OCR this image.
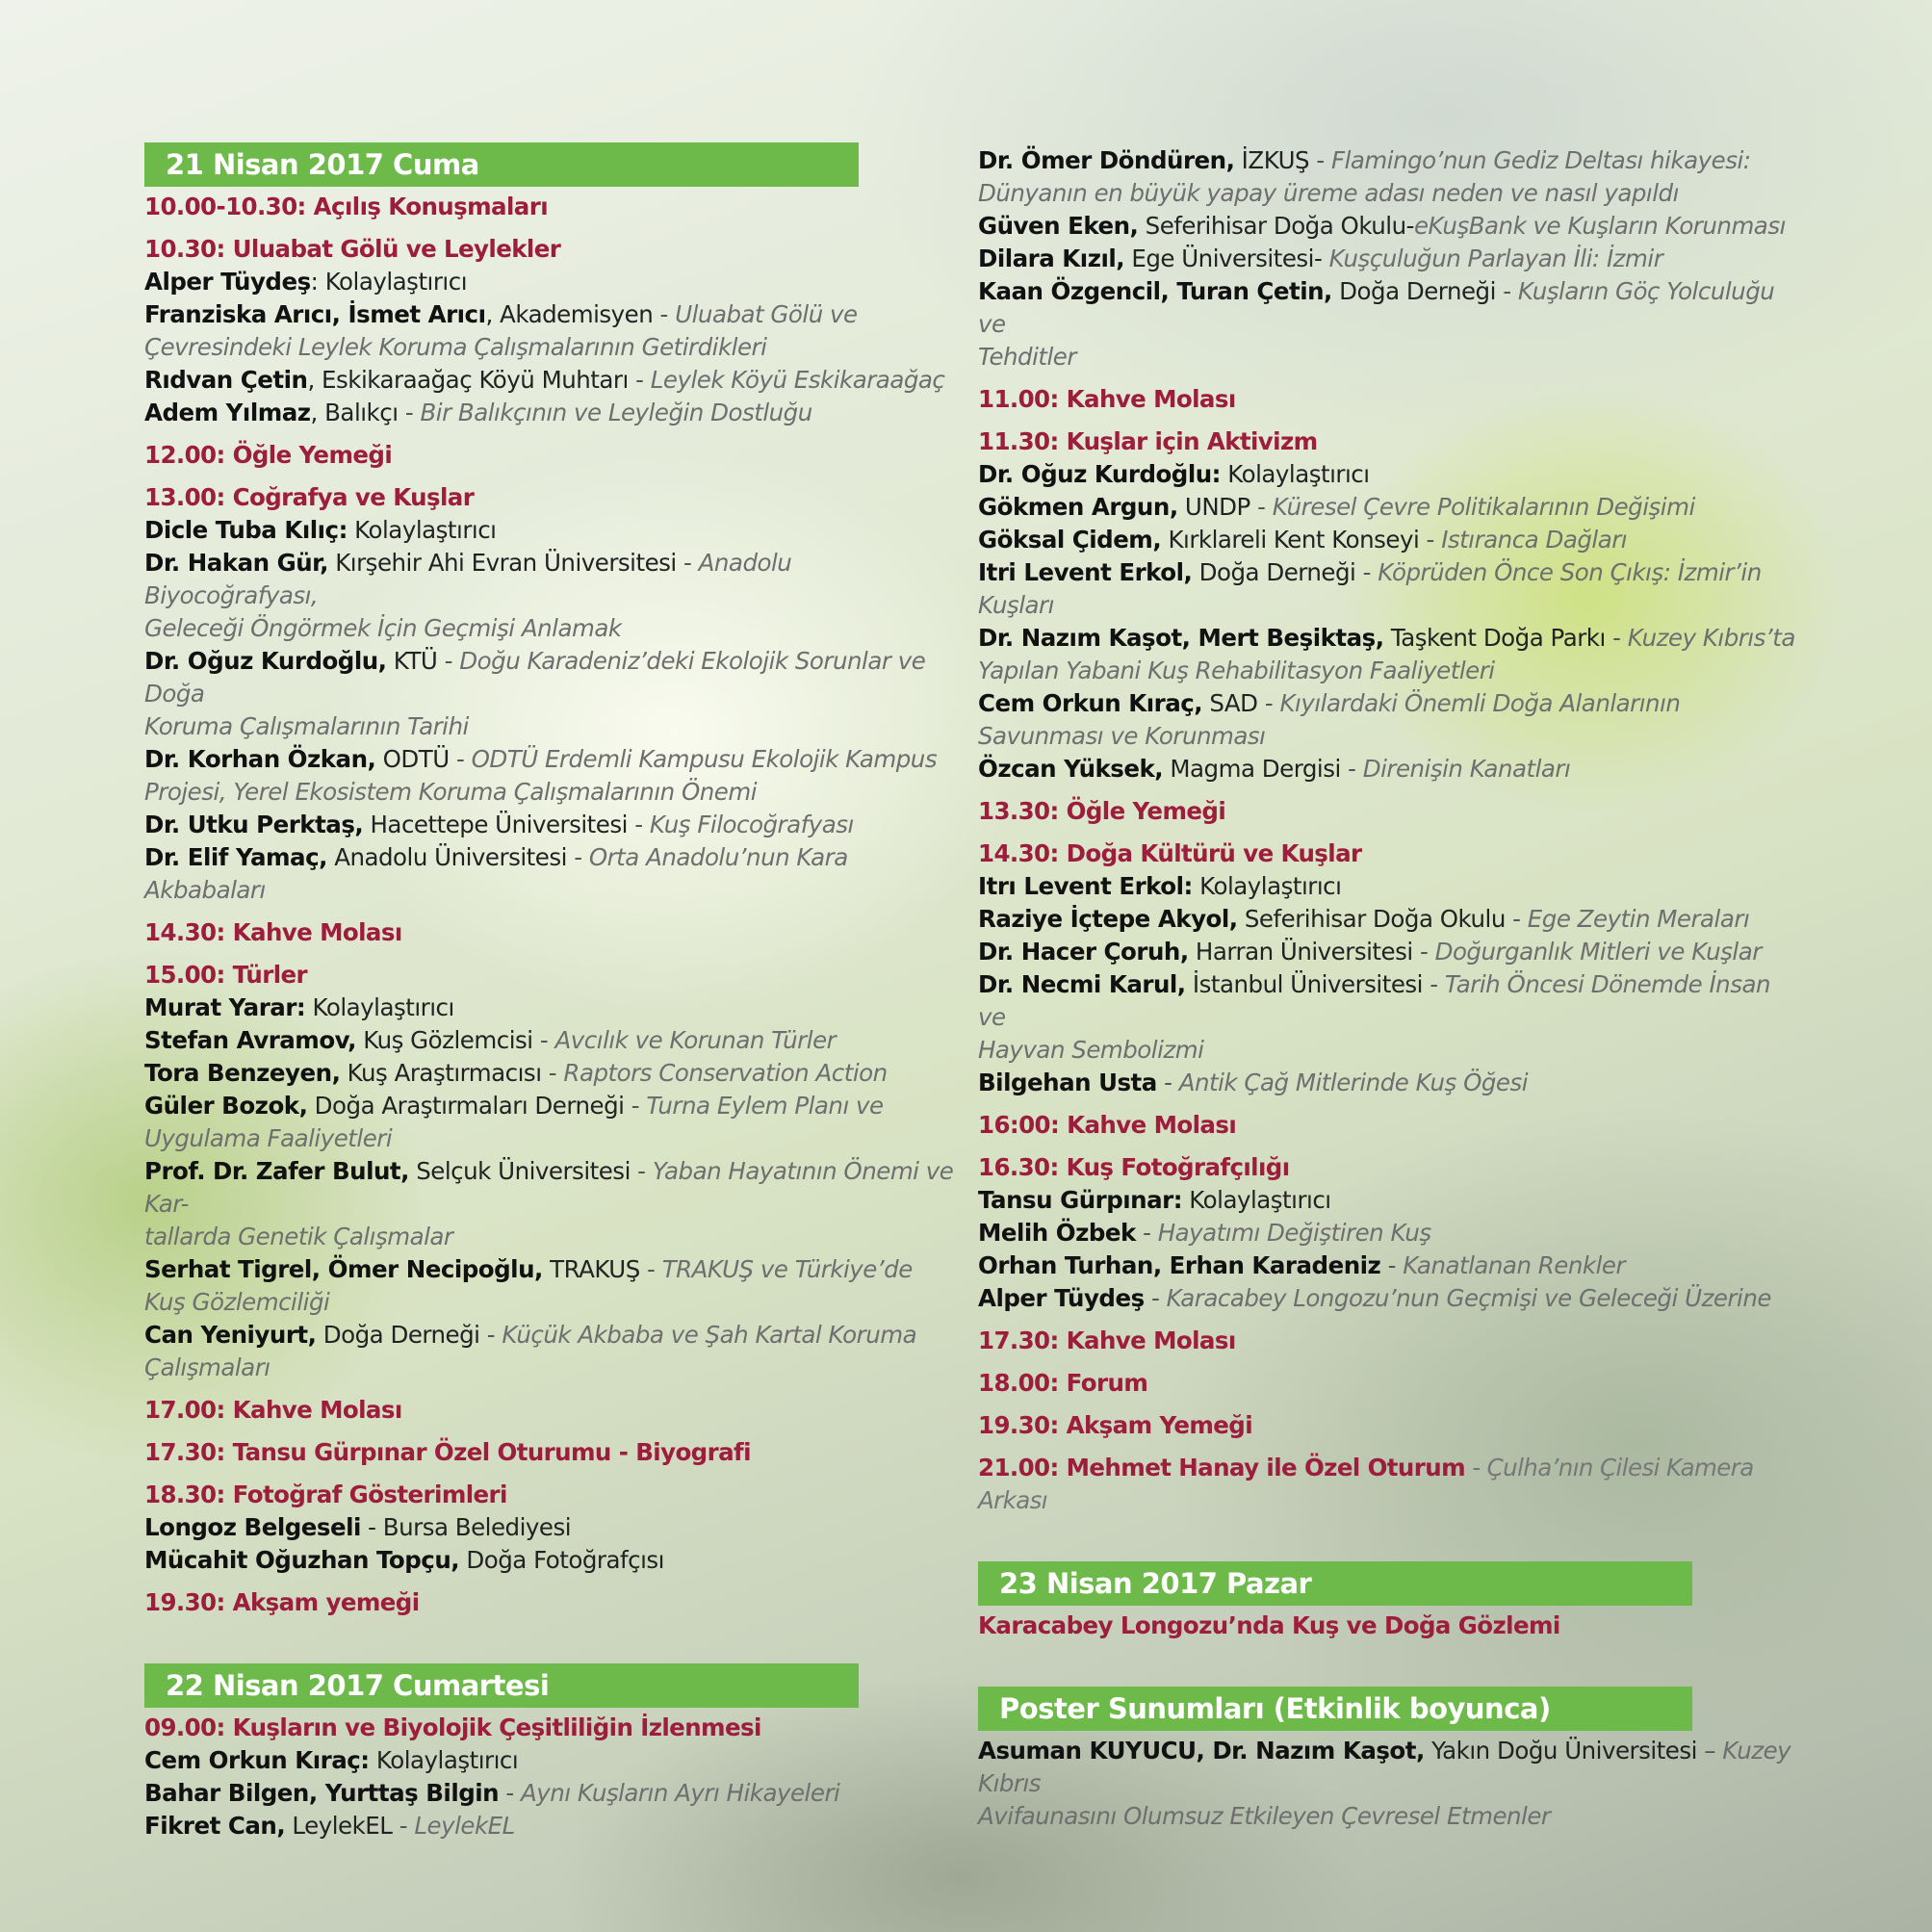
21 Nisan 2017 Cuma
10.00-10.30: Açılış Konuşmaları
10.30: Uluabat Gölü ve Leylekler
Alper Tüydeş: Kolaylaştırıcı
Franziska Arıcı, İsmet Arıcı, Akademisyen - Uluabat Gölü ve
Çevresindeki Leylek Koruma Çalışmalarının Getirdikleri
Rıdvan Çetin, Eskikaraağaç Köyü Muhtarı - Leylek Köyü Eskikaraağaç
Adem Yılmaz, Balıkçı - Bir Balıkçının ve Leyleğin Dostluğu
12.00: Öğle Yemeği
13.00: Coğrafya ve Kuşlar
Dicle Tuba Kılıç: Kolaylaştırıcı
Dr. Hakan Gür, Kırşehir Ahi Evran Üniversitesi - Anadolu Biyocoğrafyası,
Geleceği Öngörmek İçin Geçmişi Anlamak
Dr. Oğuz Kurdoğlu, KTÜ - Doğu Karadeniz’deki Ekolojik Sorunlar ve Doğa
Koruma Çalışmalarının Tarihi
Dr. Korhan Özkan, ODTÜ - ODTÜ Erdemli Kampusu Ekolojik Kampus
Projesi, Yerel Ekosistem Koruma Çalışmalarının Önemi
Dr. Utku Perktaş, Hacettepe Üniversitesi - Kuş Filocoğrafyası
Dr. Elif Yamaç, Anadolu Üniversitesi - Orta Anadolu’nun Kara Akbabaları
14.30: Kahve Molası
15.00: Türler
Murat Yarar: Kolaylaştırıcı
Stefan Avramov, Kuş Gözlemcisi - Avcılık ve Korunan Türler
Tora Benzeyen, Kuş Araştırmacısı - Raptors Conservation Action
Güler Bozok, Doğa Araştırmaları Derneği - Turna Eylem Planı ve
Uygulama Faaliyetleri
Prof. Dr. Zafer Bulut, Selçuk Üniversitesi - Yaban Hayatının Önemi ve Kar-
tallarda Genetik Çalışmalar
Serhat Tigrel, Ömer Necipoğlu, TRAKUŞ - TRAKUŞ ve Türkiye’de
Kuş Gözlemciliği
Can Yeniyurt, Doğa Derneği - Küçük Akbaba ve Şah Kartal Koruma
Çalışmaları
17.00: Kahve Molası
17.30: Tansu Gürpınar Özel Oturumu - Biyografi
18.30: Fotoğraf Gösterimleri
Longoz Belgeseli - Bursa Belediyesi
Mücahit Oğuzhan Topçu, Doğa Fotoğrafçısı
19.30: Akşam yemeği
22 Nisan 2017 Cumartesi
09.00: Kuşların ve Biyolojik Çeşitliliğin İzlenmesi
Cem Orkun Kıraç: Kolaylaştırıcı
Bahar Bilgen, Yurttaş Bilgin - Aynı Kuşların Ayrı Hikayeleri
Fikret Can, LeylekEL - LeylekEL
Dr. Ömer Döndüren, İZKUŞ - Flamingo’nun Gediz Deltası hikayesi:
Dünyanın en büyük yapay üreme adası neden ve nasıl yapıldı
Güven Eken, Seferihisar Doğa Okulu-eKuşBank ve Kuşların Korunması
Dilara Kızıl, Ege Üniversitesi- Kuşçuluğun Parlayan İli: İzmir
Kaan Özgencil, Turan Çetin, Doğa Derneği - Kuşların Göç Yolculuğu ve
Tehditler
11.00: Kahve Molası
11.30: Kuşlar için Aktivizm
Dr. Oğuz Kurdoğlu: Kolaylaştırıcı
Gökmen Argun, UNDP - Küresel Çevre Politikalarının Değişimi
Göksal Çidem, Kırklareli Kent Konseyi - Istıranca Dağları
Itri Levent Erkol, Doğa Derneği - Köprüden Önce Son Çıkış: İzmir’in
Kuşları
Dr. Nazım Kaşot, Mert Beşiktaş, Taşkent Doğa Parkı - Kuzey Kıbrıs’ta
Yapılan Yabani Kuş Rehabilitasyon Faaliyetleri
Cem Orkun Kıraç, SAD - Kıyılardaki Önemli Doğa Alanlarının
Savunması ve Korunması
Özcan Yüksek, Magma Dergisi - Direnişin Kanatları
13.30: Öğle Yemeği
14.30: Doğa Kültürü ve Kuşlar
Itrı Levent Erkol: Kolaylaştırıcı
Raziye İçtepe Akyol, Seferihisar Doğa Okulu - Ege Zeytin Meraları
Dr. Hacer Çoruh, Harran Üniversitesi - Doğurganlık Mitleri ve Kuşlar
Dr. Necmi Karul, İstanbul Üniversitesi - Tarih Öncesi Dönemde İnsan ve
Hayvan Sembolizmi
Bilgehan Usta - Antik Çağ Mitlerinde Kuş Öğesi
16:00: Kahve Molası
16.30: Kuş Fotoğrafçılığı
Tansu Gürpınar: Kolaylaştırıcı
Melih Özbek - Hayatımı Değiştiren Kuş
Orhan Turhan, Erhan Karadeniz - Kanatlanan Renkler
Alper Tüydeş - Karacabey Longozu’nun Geçmişi ve Geleceği Üzerine
17.30: Kahve Molası
18.00: Forum
19.30: Akşam Yemeği
21.00: Mehmet Hanay ile Özel Oturum - Çulha’nın Çilesi Kamera Arkası
23 Nisan 2017 Pazar
Karacabey Longozu’nda Kuş ve Doğa Gözlemi
Poster Sunumları (Etkinlik boyunca)
Asuman KUYUCU, Dr. Nazım Kaşot, Yakın Doğu Üniversitesi – Kuzey Kıbrıs
Avifaunasını Olumsuz Etkileyen Çevresel Etmenler
